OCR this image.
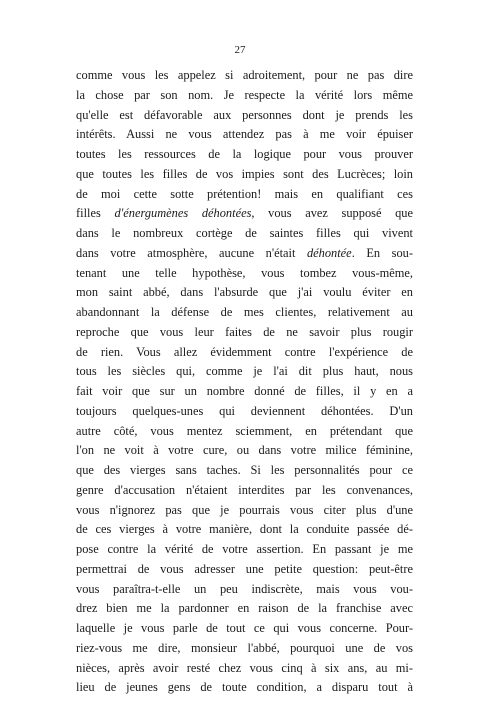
27
comme vous les appelez si adroitement, pour ne pas dire
la chose par son nom. Je respecte la vérité lors même
qu'elle est défavorable aux personnes dont je prends les
intérêts. Aussi ne vous attendez pas à me voir épuiser
toutes les ressources de la logique pour vous prouver
que toutes les filles de vos impies sont des Lucrèces; loin
de moi cette sotte prétention! mais en qualifiant ces
filles d'énergumènes déhontées, vous avez supposé que
dans le nombreux cortège de saintes filles qui vivent
dans votre atmosphère, aucune n'était déhontée. En sou-
tenant une telle hypothèse, vous tombez vous-même,
mon saint abbé, dans l'absurde que j'ai voulu éviter en
abandonnant la défense de mes clientes, relativement au
reproche que vous leur faites de ne savoir plus rougir
de rien. Vous allez évidemment contre l'expérience de
tous les siècles qui, comme je l'ai dit plus haut, nous
fait voir que sur un nombre donné de filles, il y en a
toujours quelques-unes qui deviennent déhontées. D'un
autre côté, vous mentez sciemment, en prétendant que
l'on ne voit à votre cure, ou dans votre milice féminine,
que des vierges sans taches. Si les personnalités pour ce
genre d'accusation n'étaient interdites par les convenances,
vous n'ignorez pas que je pourrais vous citer plus d'une
de ces vierges à votre manière, dont la conduite passée dé-
pose contre la vérité de votre assertion. En passant je me
permettrai de vous adresser une petite question: peut-être
vous paraîtra-t-elle un peu indiscrète, mais vous vou-
drez bien me la pardonner en raison de la franchise avec
laquelle je vous parle de tout ce qui vous concerne. Pour-
riez-vous me dire, monsieur l'abbé, pourquoi une de vos
nièces, après avoir resté chez vous cinq à six ans, au mi-
lieu de jeunes gens de toute condition, a disparu tout à
